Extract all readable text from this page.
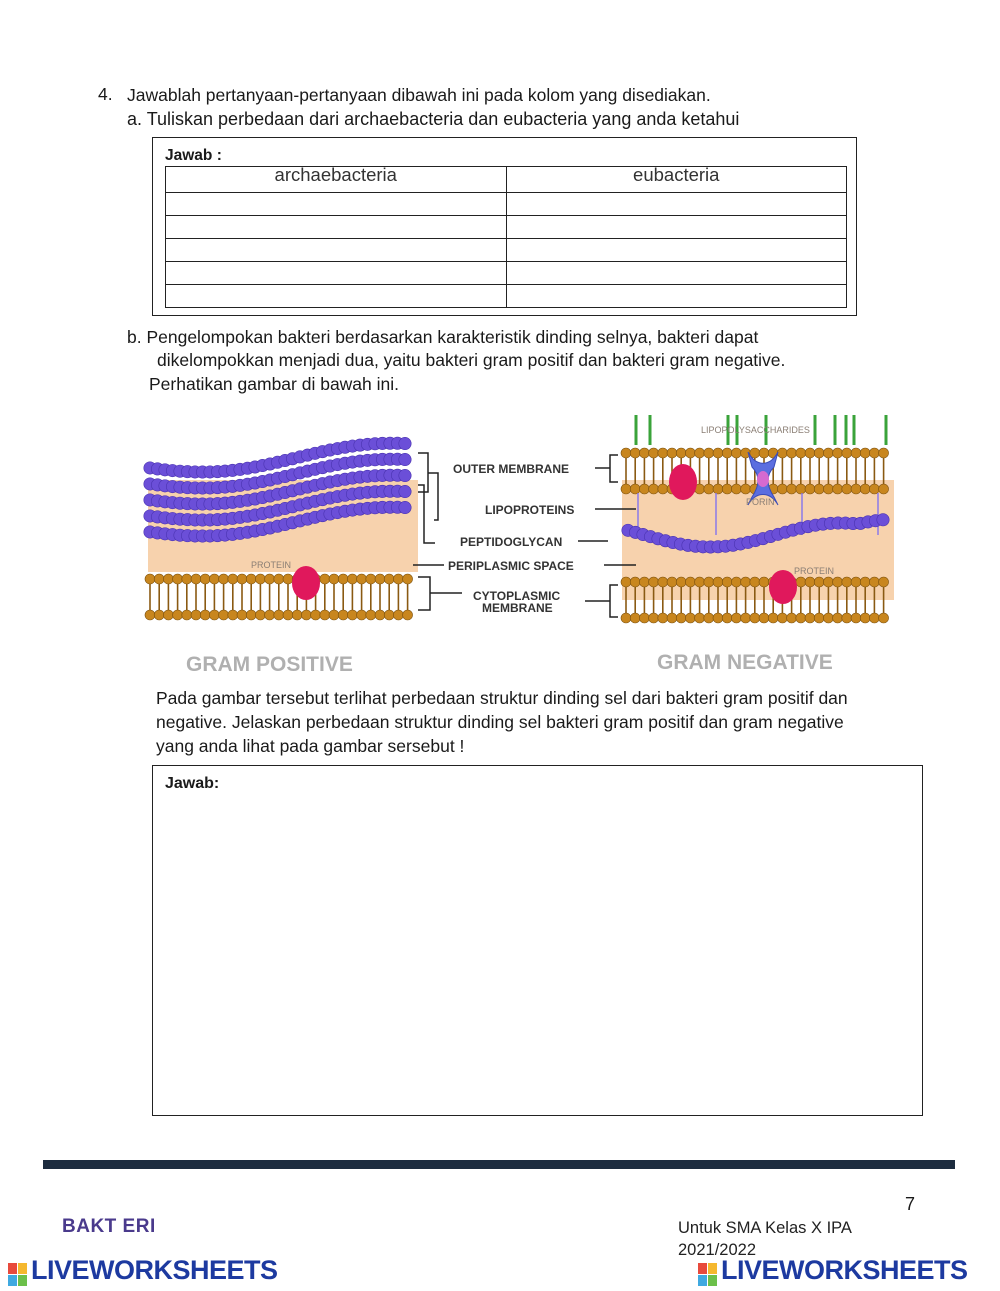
4. Jawablah pertanyaan-pertanyaan dibawah ini pada kolom yang disediakan.
a. Tuliskan perbedaan dari archaebacteria dan eubacteria yang anda ketahui
Jawab :
archaebacteria	eubacteria

b. Pengelompokan bakteri berdasarkan karakteristik dinding selnya, bakteri dapat
dikelompokkan menjadi dua, yaitu bakteri gram positif dan bakteri gram negative.
Perhatikan gambar di bawah ini.
PROTEIN
PORIN
PROTEIN
LIPOPOLYSACCHARIDES
OUTER MEMBRANE
LIPOPROTEINS
PEPTIDOGLYCAN
PERIPLASMIC SPACE
CYTOPLASMIC
MEMBRANE
GRAM POSITIVE	GRAM NEGATIVE
Pada gambar tersebut terlihat perbedaan struktur dinding sel dari bakteri gram positif dan
negative. Jelaskan perbedaan struktur dinding sel bakteri gram positif dan gram negative
yang anda lihat pada gambar sersebut !
Jawab:
7
BAKT ERI	Untuk SMA Kelas X IPA
2021/2022
LIVEWORKSHEETS	LIVEWORKSHEETS
